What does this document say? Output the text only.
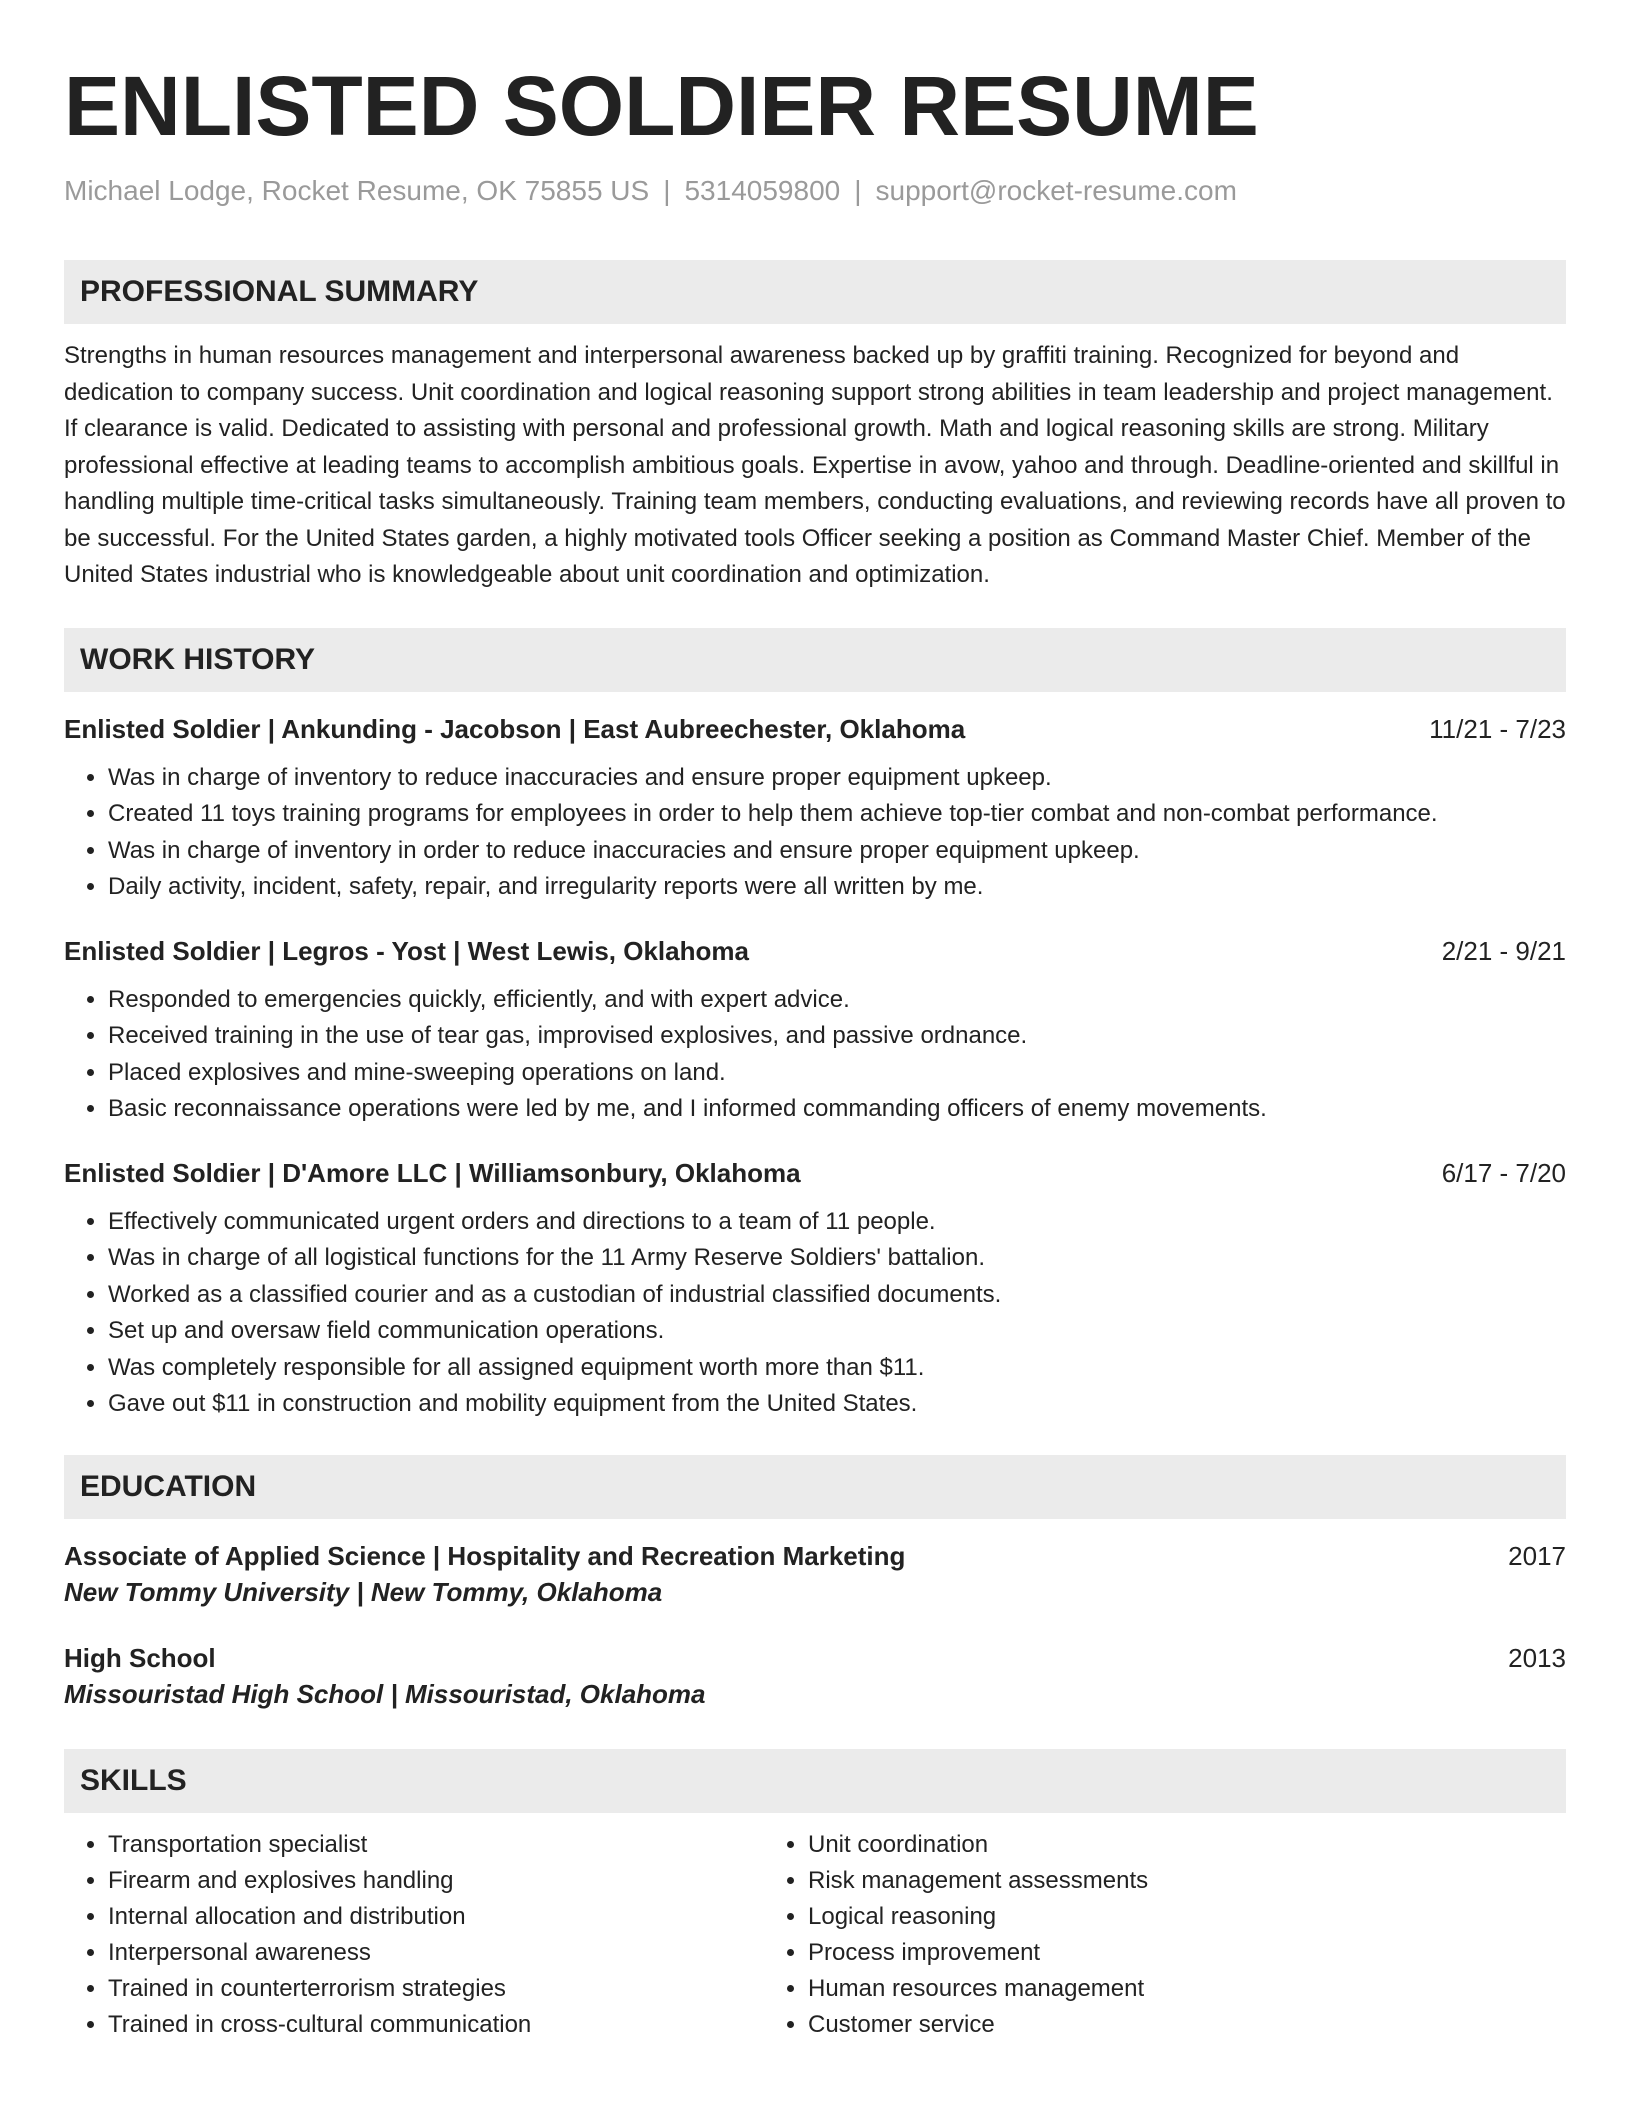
ENLISTED SOLDIER RESUME
Michael Lodge, Rocket Resume, OK 75855 US | 5314059800 | support@rocket-resume.com
PROFESSIONAL SUMMARY
Strengths in human resources management and interpersonal awareness backed up by graffiti training. Recognized for beyond and dedication to company success. Unit coordination and logical reasoning support strong abilities in team leadership and project management. If clearance is valid. Dedicated to assisting with personal and professional growth. Math and logical reasoning skills are strong. Military professional effective at leading teams to accomplish ambitious goals. Expertise in avow, yahoo and through. Deadline-oriented and skillful in handling multiple time-critical tasks simultaneously. Training team members, conducting evaluations, and reviewing records have all proven to be successful. For the United States garden, a highly motivated tools Officer seeking a position as Command Master Chief. Member of the United States industrial who is knowledgeable about unit coordination and optimization.
WORK HISTORY
Enlisted Soldier | Ankunding - Jacobson | East Aubreechester, Oklahoma	11/21 - 7/23
• Was in charge of inventory to reduce inaccuracies and ensure proper equipment upkeep.
• Created 11 toys training programs for employees in order to help them achieve top-tier combat and non-combat performance.
• Was in charge of inventory in order to reduce inaccuracies and ensure proper equipment upkeep.
• Daily activity, incident, safety, repair, and irregularity reports were all written by me.
Enlisted Soldier | Legros - Yost | West Lewis, Oklahoma	2/21 - 9/21
• Responded to emergencies quickly, efficiently, and with expert advice.
• Received training in the use of tear gas, improvised explosives, and passive ordnance.
• Placed explosives and mine-sweeping operations on land.
• Basic reconnaissance operations were led by me, and I informed commanding officers of enemy movements.
Enlisted Soldier | D'Amore LLC | Williamsonbury, Oklahoma	6/17 - 7/20
• Effectively communicated urgent orders and directions to a team of 11 people.
• Was in charge of all logistical functions for the 11 Army Reserve Soldiers' battalion.
• Worked as a classified courier and as a custodian of industrial classified documents.
• Set up and oversaw field communication operations.
• Was completely responsible for all assigned equipment worth more than $11.
• Gave out $11 in construction and mobility equipment from the United States.
EDUCATION
Associate of Applied Science | Hospitality and Recreation Marketing	2017
New Tommy University | New Tommy, Oklahoma
High School	2013
Missouristad High School | Missouristad, Oklahoma
SKILLS
• Transportation specialist
• Firearm and explosives handling
• Internal allocation and distribution
• Interpersonal awareness
• Trained in counterterrorism strategies
• Trained in cross-cultural communication
• Unit coordination
• Risk management assessments
• Logical reasoning
• Process improvement
• Human resources management
• Customer service
